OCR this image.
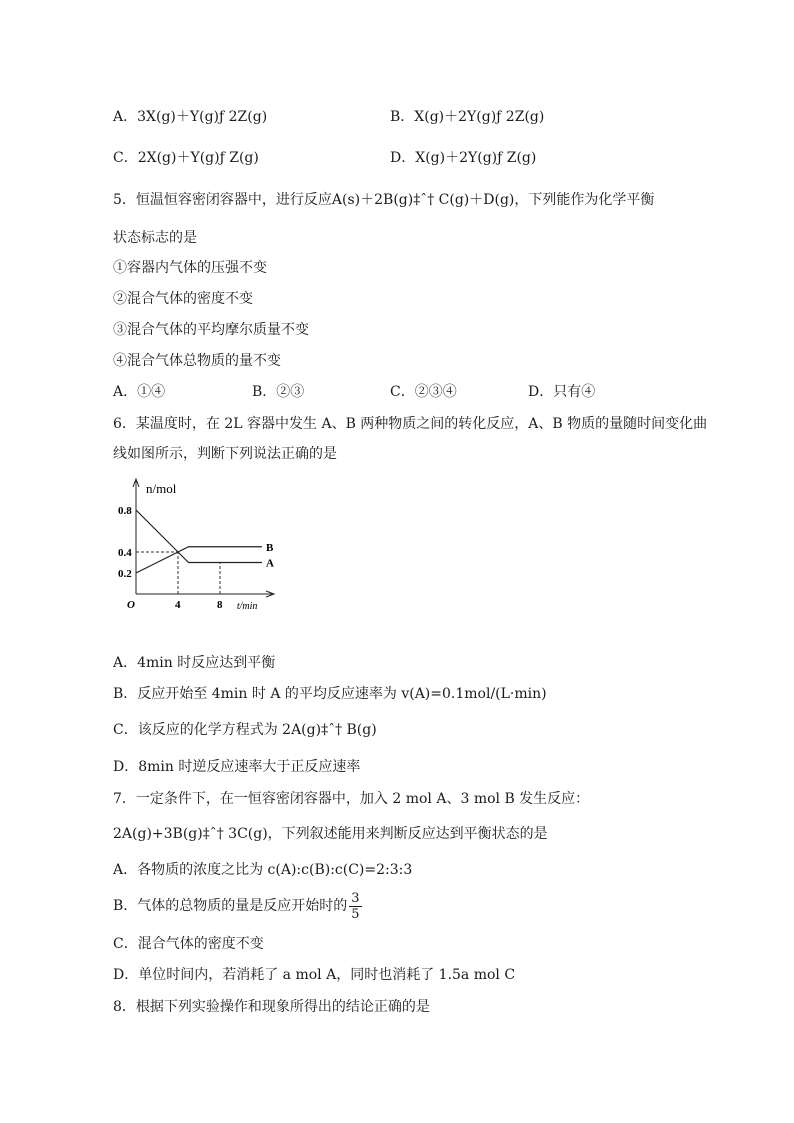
A．3X(g)＋Y(g)ƒ 2Z(g)	B．X(g)＋2Y(g)ƒ 2Z(g)
C．2X(g)＋Y(g)ƒ Z(g)	D．X(g)＋2Y(g)ƒ Z(g)
5．恒温恒容密闭容器中，进行反应A(s)＋2B(g)‡ˆ† C(g)＋D(g)，下列能作为化学平衡
状态标志的是
①容器内气体的压强不变
②混合气体的密度不变
③混合气体的平均摩尔质量不变
④混合气体总物质的量不变
A．①④	B．②③	C．②③④	D．只有④
6．某温度时，在 2L 容器中发生 A、B 两种物质之间的转化反应，A、B 物质的量随时间变化曲
线如图所示，判断下列说法正确的是
n/mol
t/min
B
A
0.8
0.4
0.2
O	4	8
A．4min 时反应达到平衡
B．反应开始至 4min 时 A 的平均反应速率为 v(A)=0.1mol/(L·min)
C．该反应的化学方程式为 2A(g)‡ˆ† B(g)
D．8min 时逆反应速率大于正反应速率
7．一定条件下，在一恒容密闭容器中，加入 2 mol A、3 mol B 发生反应：
2A(g)+3B(g)‡ˆ† 3C(g)，下列叙述能用来判断反应达到平衡状态的是
A．各物质的浓度之比为 c(A):c(B):c(C)=2:3:3
B．气体的总物质的量是反应开始时的 $\frac{3}{5}$
C．混合气体的密度不变
D．单位时间内，若消耗了 a mol A，同时也消耗了 1.5a mol C
8．根据下列实验操作和现象所得出的结论正确的是
